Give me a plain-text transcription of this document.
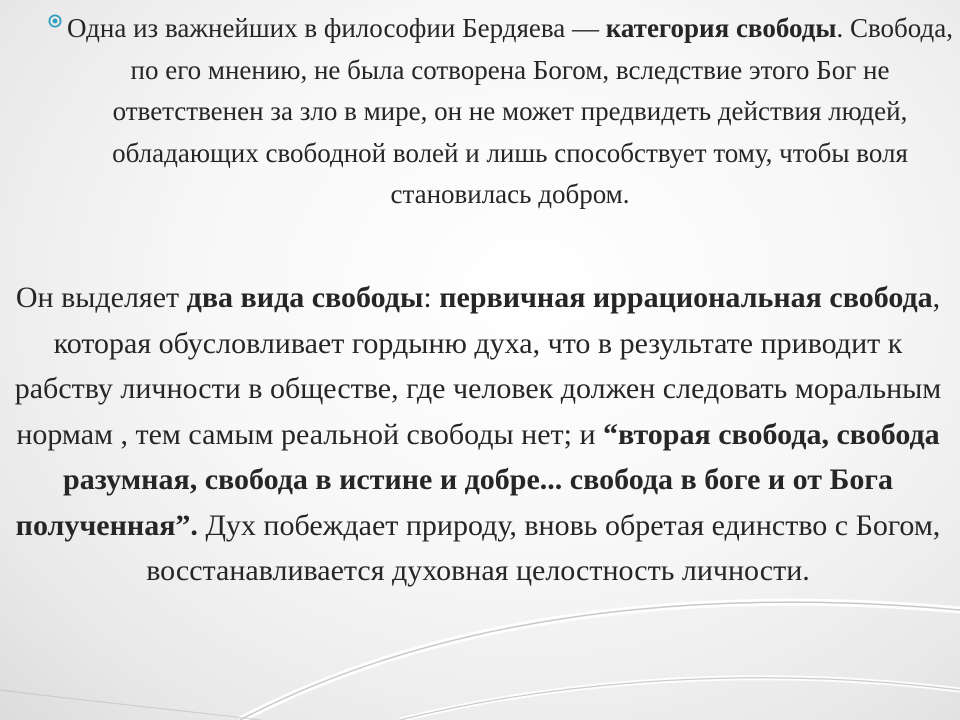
Одна из важнейших в философии Бердяева — категория свободы. Свобода, по его мнению, не была сотворена Богом, вследствие этого Бог не ответственен за зло в мире, он не может предвидеть действия людей, обладающих свободной волей и лишь способствует тому, чтобы воля становилась добром.

Он выделяет два вида свободы: первичная иррациональная свобода, которая обусловливает гордыню духа, что в результате приводит к рабству личности в обществе, где человек должен следовать моральным нормам , тем самым реальной свободы нет; и “вторая свобода, свобода разумная, свобода в истине и добре... свобода в боге и от Бога полученная”. Дух побеждает природу, вновь обретая единство с Богом, восстанавливается духовная целостность личности.
